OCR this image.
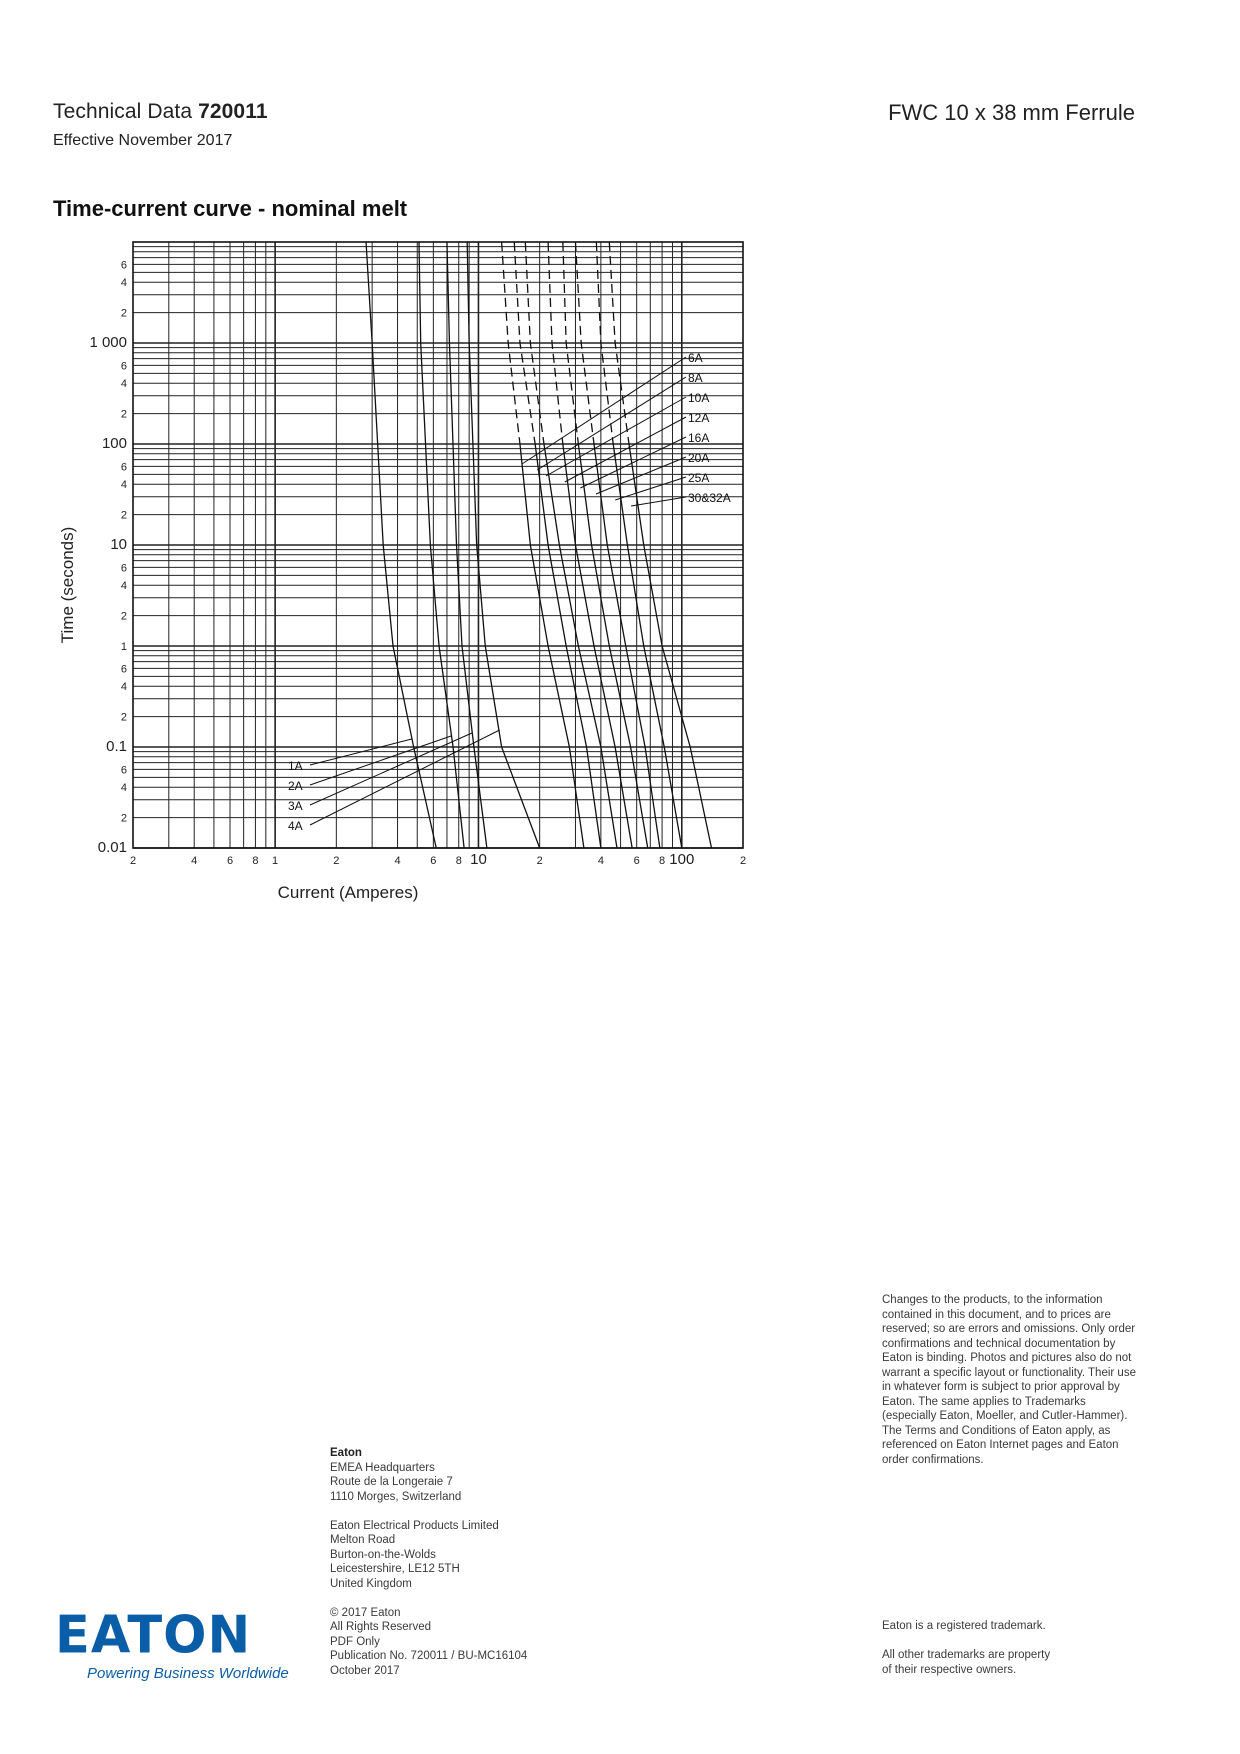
Technical Data 720011
Effective November 2017
FWC 10 x 38 mm Ferrule
Time-current curve - nominal melt
2	4	6 8 1	2	4	6 8 10	2	4	6 8 100	2
0.01
2
4
6
0.1
2
4
6
1
2
4
6
10
2
4
6
100
2
4
6
1 000
2
4
6
Current (Amperes)
Time (seconds)
1A
2A
3A
4A
6A
8A
10A
12A
16A
20A
25A
30&32A
Changes to the products, to the information contained in this document, and to prices are reserved; so are errors and omissions. Only order confirmations and technical documentation by Eaton is binding. Photos and pictures also do not warrant a specific layout or functionality. Their use in whatever form is subject to prior approval by Eaton. The same applies to Trademarks (especially Eaton, Moeller, and Cutler-Hammer). The Terms and Conditions of Eaton apply, as referenced on Eaton Internet pages and Eaton order confirmations.
Eaton

EMEA Headquarters
Route de la Longeraie 7
1110 Morges, Switzerland

Eaton Electrical Products Limited
Melton Road
Burton-on-the-Wolds
Leicestershire, LE12 5TH
United Kingdom

© 2017 Eaton
All Rights Reserved
PDF Only
Publication No. 720011 / BU-MC16104
October 2017

Eaton is a registered trademark.

All other trademarks are property
of their respective owners.

EATON
Powering Business Worldwide
